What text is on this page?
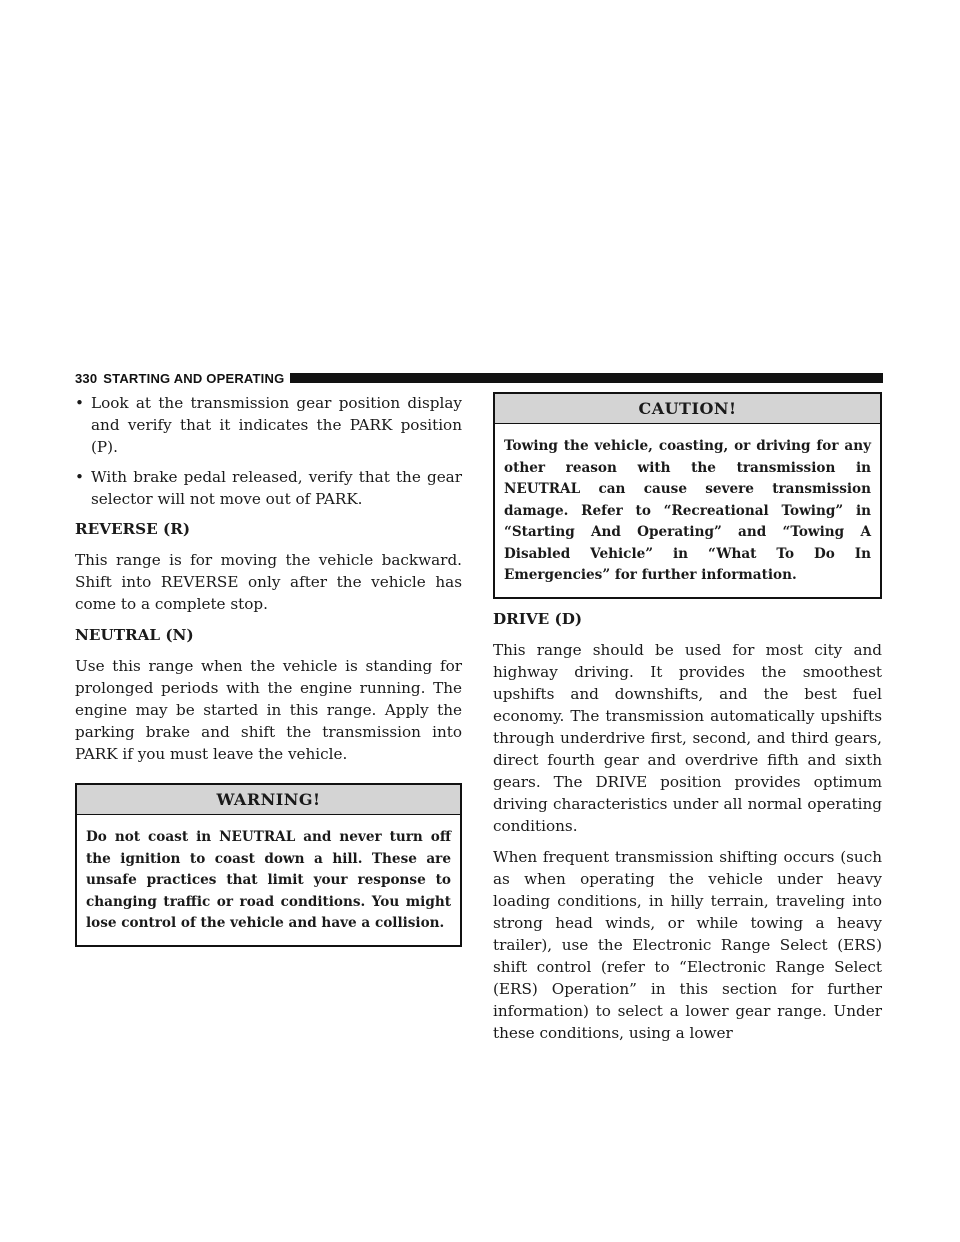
330 STARTING AND OPERATING
• Look at the transmission gear position display and verify that it indicates the PARK position (P).
• With brake pedal released, verify that the gear selector will not move out of PARK.
REVERSE (R)

This range is for moving the vehicle backward. Shift into REVERSE only after the vehicle has come to a complete stop.

NEUTRAL (N)

Use this range when the vehicle is standing for prolonged periods with the engine running. The engine may be started in this range. Apply the parking brake and shift the transmission into PARK if you must leave the vehicle.

WARNING!
Do not coast in NEUTRAL and never turn off the ignition to coast down a hill. These are unsafe practices that limit your response to changing traffic or road conditions. You might lose control of the vehicle and have a collision.
CAUTION!
Towing the vehicle, coasting, or driving for any other reason with the transmission in NEUTRAL can cause severe transmission damage. Refer to “Recreational Towing” in “Starting And Operating” and “Towing A Disabled Vehicle” in “What To Do In Emergencies” for further information.
DRIVE (D)

This range should be used for most city and highway driving. It provides the smoothest upshifts and downshifts, and the best fuel economy. The transmission automatically upshifts through underdrive first, second, and third gears, direct fourth gear and overdrive fifth and sixth gears. The DRIVE position provides optimum driving characteristics under all normal operating conditions.

When frequent transmission shifting occurs (such as when operating the vehicle under heavy loading conditions, in hilly terrain, traveling into strong head winds, or while towing a heavy trailer), use the Electronic Range Select (ERS) shift control (refer to “Electronic Range Select (ERS) Operation” in this section for further information) to select a lower gear range. Under these conditions, using a lower
